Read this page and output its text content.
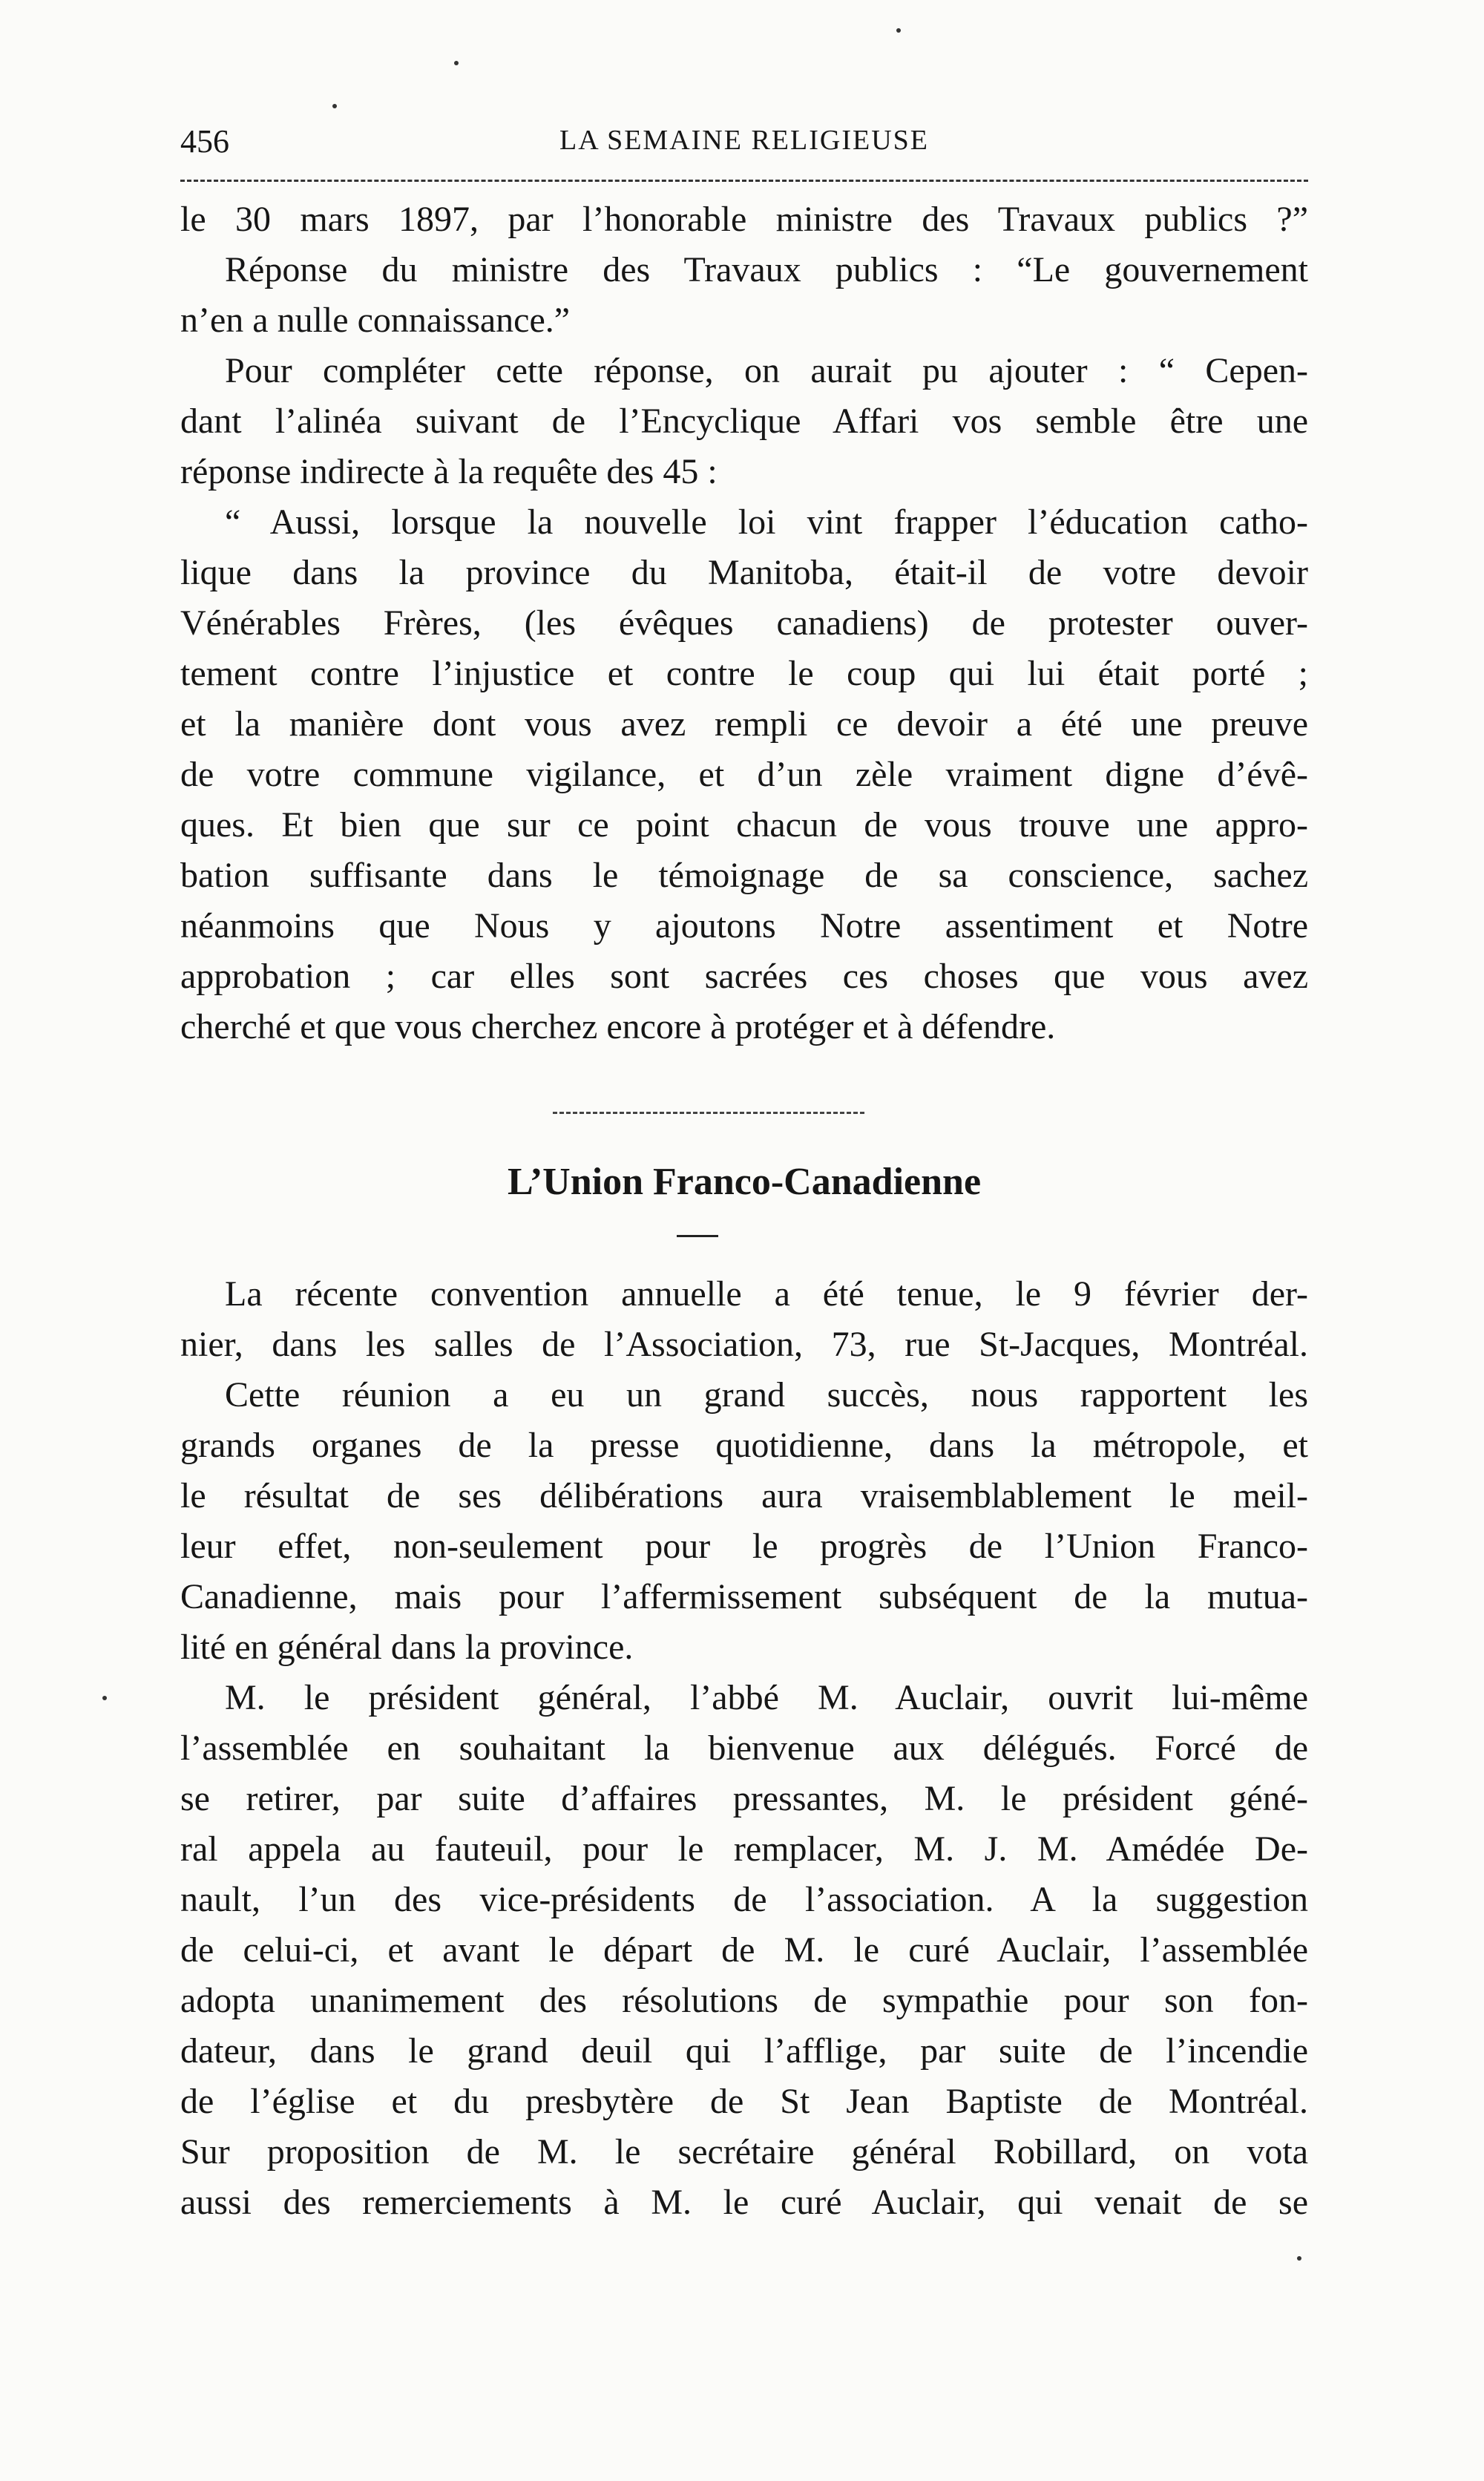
456	LA SEMAINE RELIGIEUSE
le 30 mars 1897, par l’honorable ministre des Travaux publics ?”
Réponse du ministre des Travaux publics : “Le gouvernement
n’en a nulle connaissance.”
Pour compléter cette réponse, on aurait pu ajouter : “ Cepen-
dant l’alinéa suivant de l’Encyclique Affari vos semble être une
réponse indirecte à la requête des 45 :
“ Aussi, lorsque la nouvelle loi vint frapper l’éducation catho-
lique dans la province du Manitoba, était-il de votre devoir
Vénérables Frères, (les évêques canadiens) de protester ouver-
tement contre l’injustice et contre le coup qui lui était porté ;
et la manière dont vous avez rempli ce devoir a été une preuve
de votre commune vigilance, et d’un zèle vraiment digne d’évê-
ques. Et bien que sur ce point chacun de vous trouve une appro-
bation suffisante dans le témoignage de sa conscience, sachez
néanmoins que Nous y ajoutons Notre assentiment et Notre
approbation ; car elles sont sacrées ces choses que vous avez
cherché et que vous cherchez encore à protéger et à défendre.
L’Union Franco-Canadienne
La récente convention annuelle a été tenue, le 9 février der-
nier, dans les salles de l’Association, 73, rue St-Jacques, Montréal.
Cette réunion a eu un grand succès, nous rapportent les
grands organes de la presse quotidienne, dans la métropole, et
le résultat de ses délibérations aura vraisemblablement le meil-
leur effet, non-seulement pour le progrès de l’Union Franco-
Canadienne, mais pour l’affermissement subséquent de la mutua-
lité en général dans la province.
M. le président général, l’abbé M. Auclair, ouvrit lui-même
l’assemblée en souhaitant la bienvenue aux délégués. Forcé de
se retirer, par suite d’affaires pressantes, M. le président géné-
ral appela au fauteuil, pour le remplacer, M. J. M. Amédée De-
nault, l’un des vice-présidents de l’association. A la suggestion
de celui-ci, et avant le départ de M. le curé Auclair, l’assemblée
adopta unanimement des résolutions de sympathie pour son fon-
dateur, dans le grand deuil qui l’afflige, par suite de l’incendie
de l’église et du presbytère de St Jean Baptiste de Montréal.
Sur proposition de M. le secrétaire général Robillard, on vota
aussi des remerciements à M. le curé Auclair, qui venait de se
